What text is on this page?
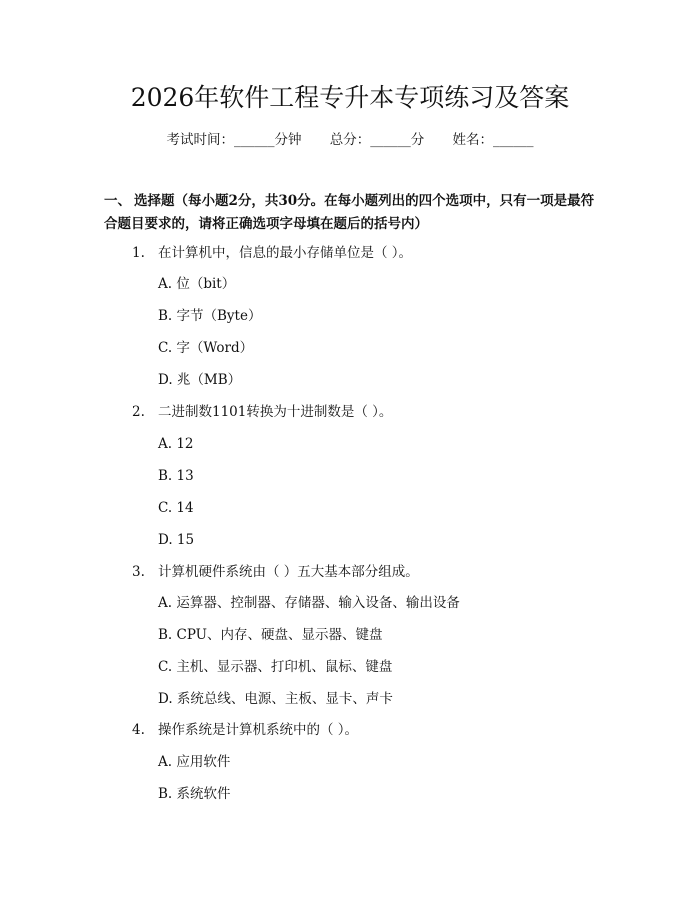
2026年软件工程专升本专项练习及答案
考试时间：______分钟 总分：______分 姓名：______
一、 选择题（每小题2分，共30分。在每小题列出的四个选项中，只有一项是最符合题目要求的，请将正确选项字母填在题后的括号内）
1. 在计算机中，信息的最小存储单位是（ ）。
A. 位（bit）
B. 字节（Byte）
C. 字（Word）
D. 兆（MB）
2. 二进制数1101转换为十进制数是（ ）。
A. 12
B. 13
C. 14
D. 15
3. 计算机硬件系统由（ ）五大基本部分组成。
A. 运算器、控制器、存储器、输入设备、输出设备
B. CPU、内存、硬盘、显示器、键盘
C. 主机、显示器、打印机、鼠标、键盘
D. 系统总线、电源、主板、显卡、声卡
4. 操作系统是计算机系统中的（ ）。
A. 应用软件
B. 系统软件
